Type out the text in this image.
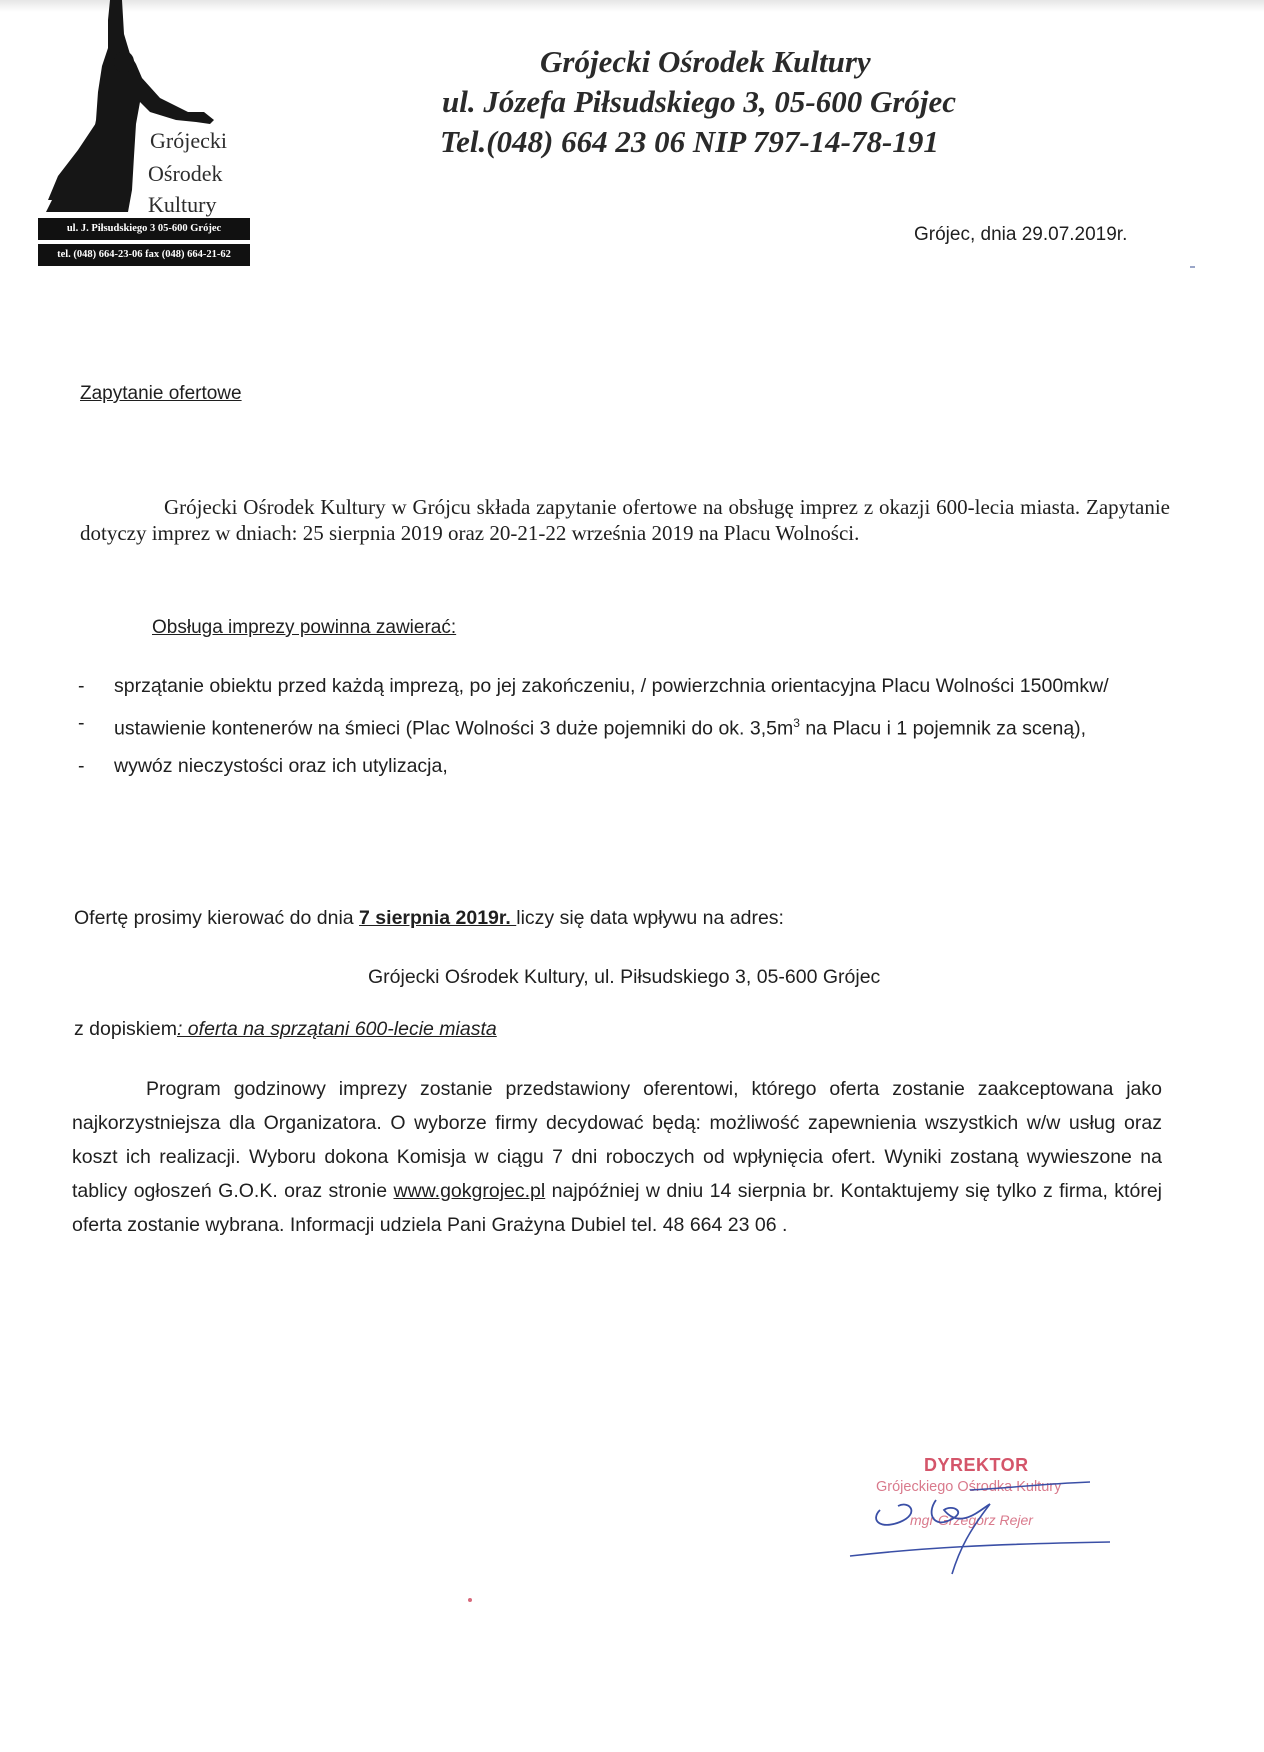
Grójecki
Ośrodek
Kultury
ul. J. Piłsudskiego 3 05-600 Grójec
tel. (048) 664-23-06 fax (048) 664-21-62
Grójecki Ośrodek Kultury
ul. Józefa Piłsudskiego 3, 05-600 Grójec
Tel.(048) 664 23 06 NIP 797-14-78-191
Grójec, dnia 29.07.2019r.
Zapytanie ofertowe

Grójecki Ośrodek Kultury w Grójcu składa zapytanie ofertowe na obsługę imprez z okazji 600-lecia miasta. Zapytanie dotyczy imprez w dniach: 25 sierpnia 2019 oraz 20-21-22 września 2019 na Placu Wolności.

Obsługa imprezy powinna zawierać:
- sprzątanie obiektu przed każdą imprezą, po jej zakończeniu, / powierzchnia orientacyjna Placu Wolności 1500mkw/
- ustawienie kontenerów na śmieci (Plac Wolności 3 duże pojemniki do ok. $3,5m^3$ na Placu i 1 pojemnik za sceną),
- wywóz nieczystości oraz ich utylizacja,
Ofertę prosimy kierować do dnia 7 sierpnia 2019r. liczy się data wpływu na adres:
Grójecki Ośrodek Kultury, ul. Piłsudskiego 3, 05-600 Grójec
z dopiskiem: oferta na sprzątani 600-lecie miasta

Program godzinowy imprezy zostanie przedstawiony oferentowi, którego oferta zostanie zaakceptowana jako najkorzystniejsza dla Organizatora. O wyborze firmy decydować będą: możliwość zapewnienia wszystkich w/w usług oraz koszt ich realizacji. Wyboru dokona Komisja w ciągu 7 dni roboczych od wpłynięcia ofert. Wyniki zostaną wywieszone na tablicy ogłoszeń G.O.K. oraz stronie www.gokgrojec.pl najpóźniej w dniu 14 sierpnia br. Kontaktujemy się tylko z firma, której oferta zostanie wybrana. Informacji udziela Pani Grażyna Dubiel tel. 48 664 23 06 .

DYREKTOR
Grójeckiego Ośrodka Kultury
mgr Grzegorz Rejer
